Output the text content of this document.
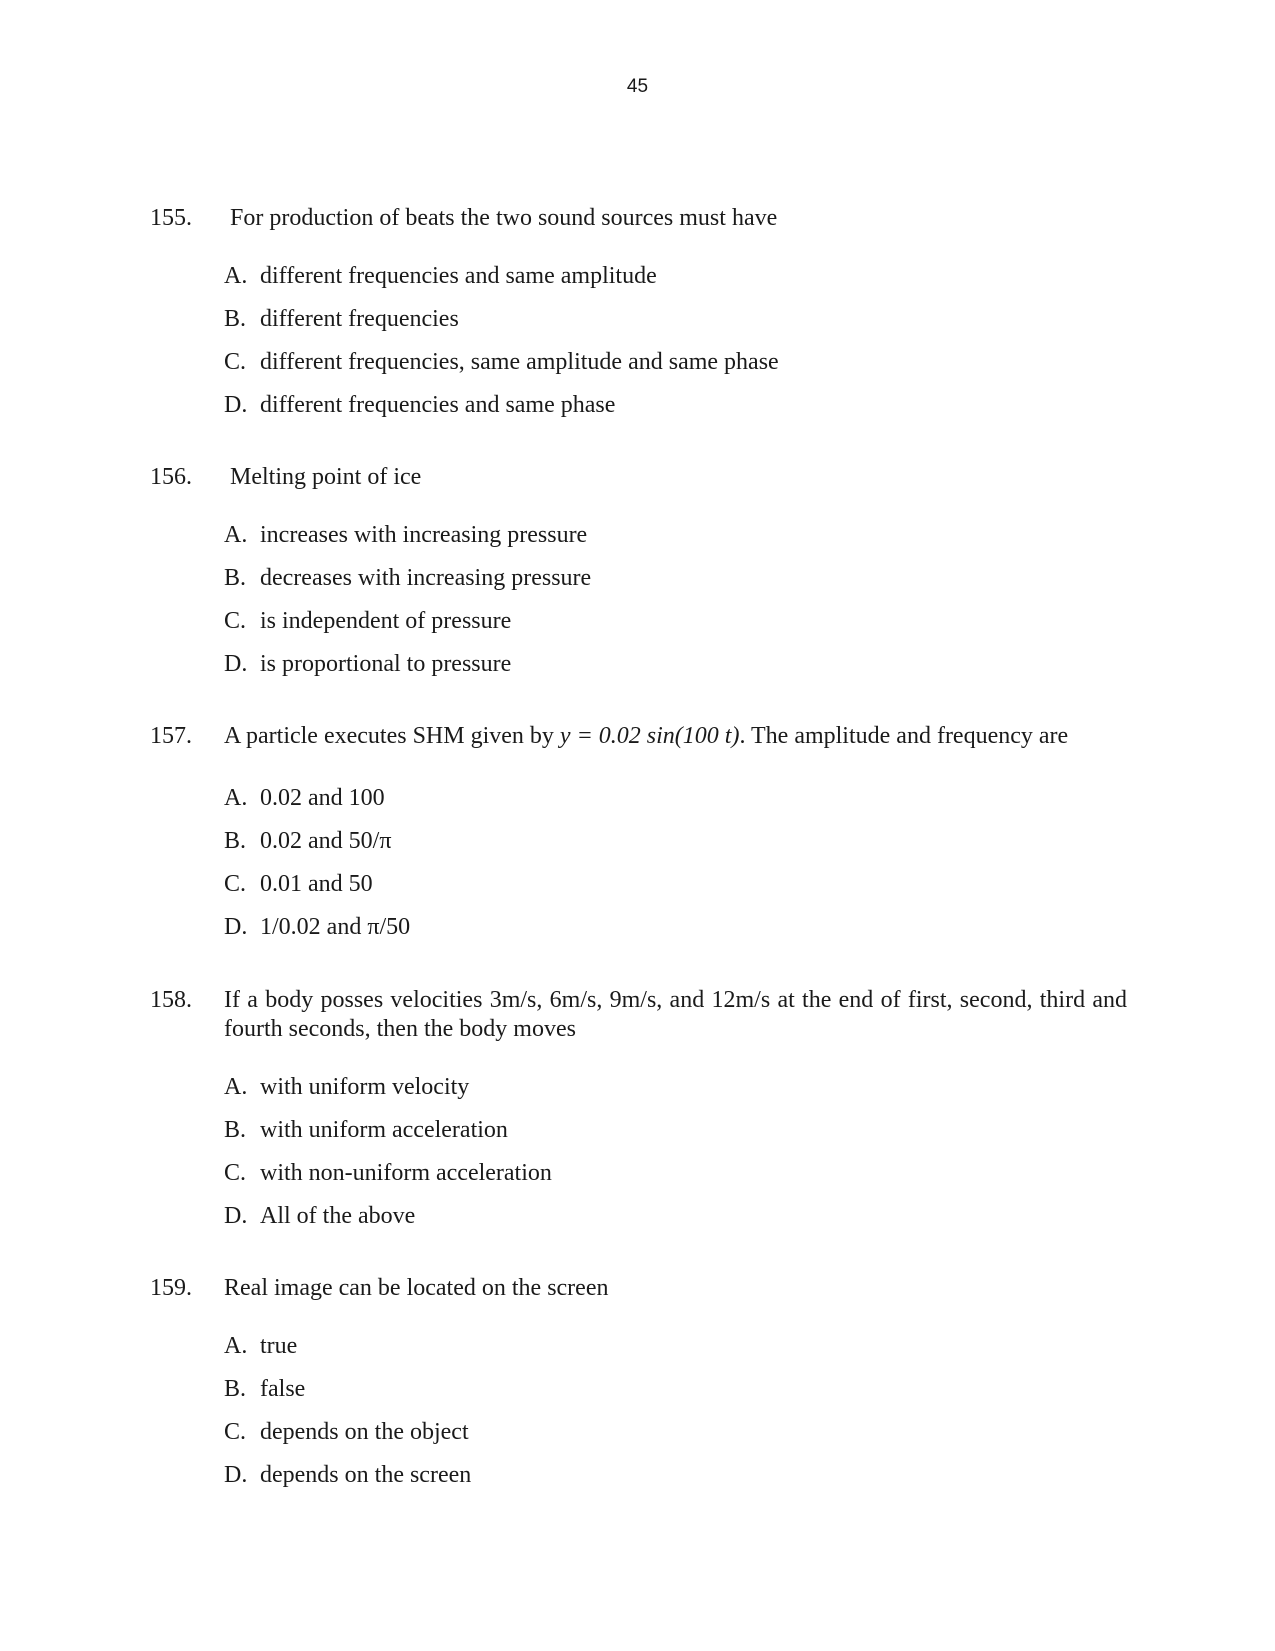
45
155. For production of beats the two sound sources must have
A. different frequencies and same amplitude
B. different frequencies
C. different frequencies, same amplitude and same phase
D. different frequencies and same phase
156. Melting point of ice
A. increases with increasing pressure
B. decreases with increasing pressure
C. is independent of pressure
D. is proportional to pressure
157. A particle executes SHM given by y = 0.02 sin(100 t). The amplitude and frequency are
A. 0.02 and 100
B. 0.02 and 50/π
C. 0.01 and 50
D. 1/0.02 and π/50
158. If a body posses velocities 3m/s, 6m/s, 9m/s, and 12m/s at the end of first, second, third and fourth seconds, then the body moves
A. with uniform velocity
B. with uniform acceleration
C. with non-uniform acceleration
D. All of the above
159. Real image can be located on the screen
A. true
B. false
C. depends on the object
D. depends on the screen
